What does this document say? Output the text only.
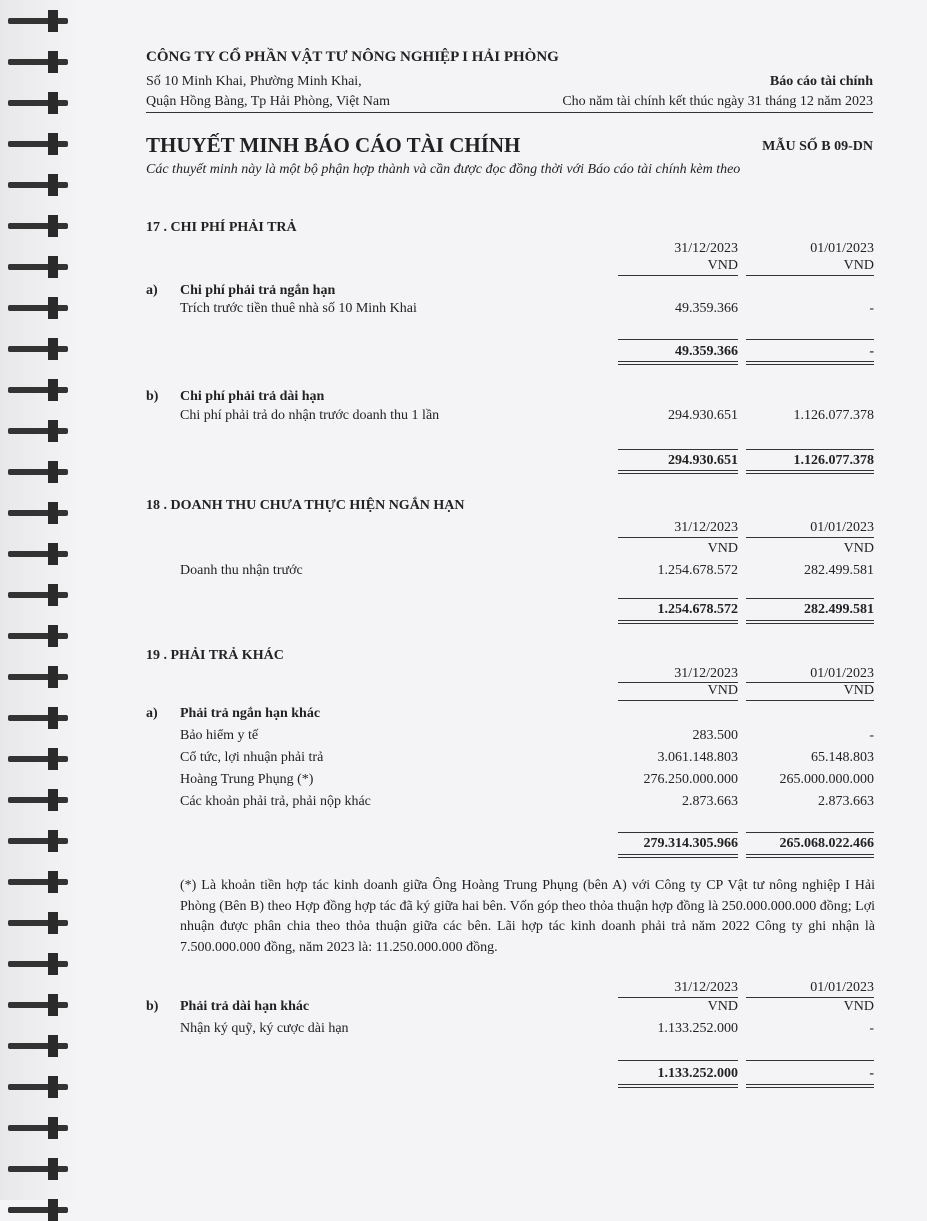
CÔNG TY CỔ PHẦN VẬT TƯ NÔNG NGHIỆP I HẢI PHÒNG
Số 10 Minh Khai, Phường Minh Khai,
Quận Hồng Bàng, Tp Hải Phòng, Việt Nam
Báo cáo tài chính
Cho năm tài chính kết thúc ngày 31 tháng 12 năm 2023
THUYẾT MINH BÁO CÁO TÀI CHÍNH	MẪU SỐ B 09-DN
Các thuyết minh này là một bộ phận hợp thành và cần được đọc đồng thời với Báo cáo tài chính kèm theo
17 . CHI PHÍ PHẢI TRẢ
31/12/2023	01/01/2023
VND	VND
a) Chi phí phải trả ngắn hạn
Trích trước tiền thuê nhà số 10 Minh Khai	49.359.366	-
49.359.366	-
b) Chi phí phải trả dài hạn
Chi phí phải trả do nhận trước doanh thu 1 lần	294.930.651	1.126.077.378
294.930.651	1.126.077.378
18 . DOANH THU CHƯA THỰC HIỆN NGẮN HẠN
31/12/2023	01/01/2023
VND	VND
Doanh thu nhận trước	1.254.678.572	282.499.581
1.254.678.572	282.499.581
19 . PHẢI TRẢ KHÁC
31/12/2023	01/01/2023
VND	VND
a) Phải trả ngắn hạn khác
Bảo hiểm y tế	283.500	-
Cổ tức, lợi nhuận phải trả	3.061.148.803	65.148.803
Hoàng Trung Phụng (*)	276.250.000.000	265.000.000.000
Các khoản phải trả, phải nộp khác	2.873.663	2.873.663
279.314.305.966	265.068.022.466
(*) Là khoản tiền hợp tác kinh doanh giữa Ông Hoàng Trung Phụng (bên A) với Công ty CP Vật tư nông nghiệp I Hải Phòng (Bên B) theo Hợp đồng hợp tác đã ký giữa hai bên. Vốn góp theo thỏa thuận hợp đồng là 250.000.000.000 đồng; Lợi nhuận được phân chia theo thỏa thuận giữa các bên. Lãi hợp tác kinh doanh phải trả năm 2022 Công ty ghi nhận là 7.500.000.000 đồng, năm 2023 là: 11.250.000.000 đồng.
31/12/2023	01/01/2023
VND	VND
b) Phải trả dài hạn khác
Nhận ký quỹ, ký cược dài hạn	1.133.252.000	-
1.133.252.000	-
